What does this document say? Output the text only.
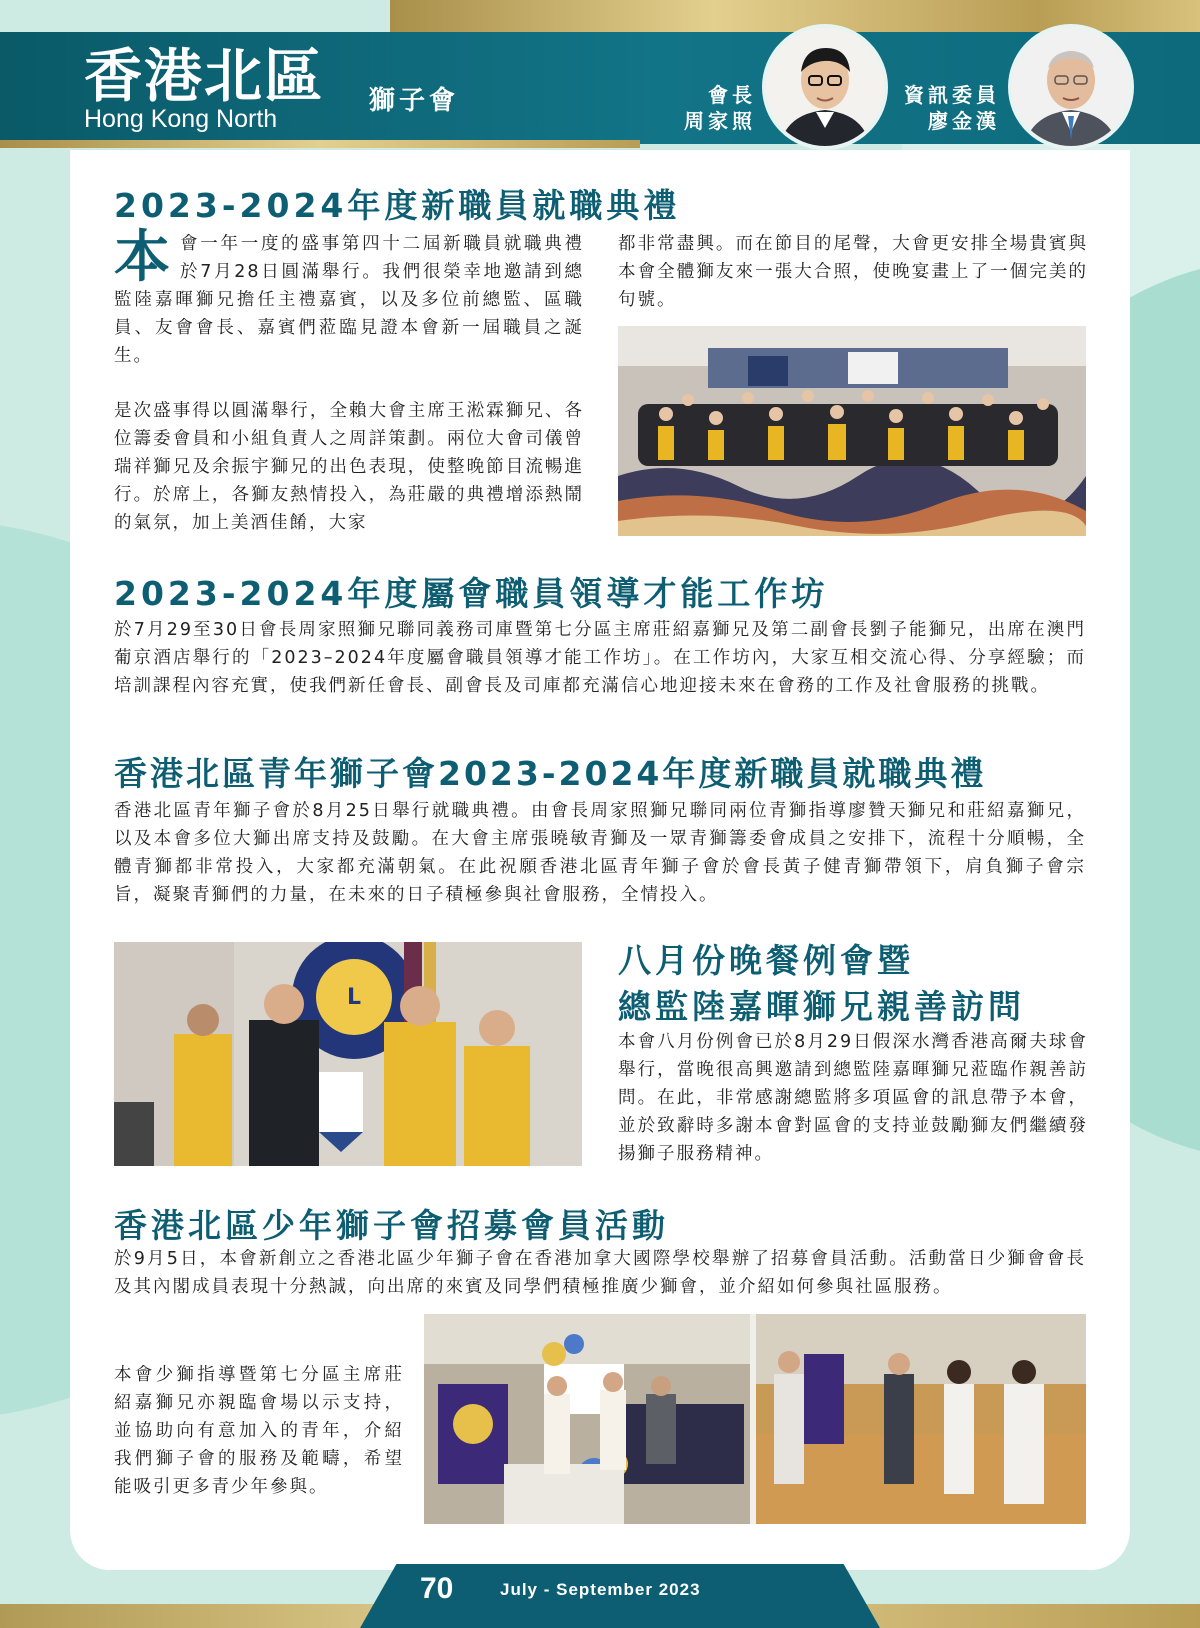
香港北區 獅子會
Hong Kong North
會長
周家照
資訊委員
廖金漢
2023-2024年度新職員就職典禮
本會一年一度的盛事第四十二屆新職員就職典禮於7月28日圓滿舉行。我們很榮幸地邀請到總監陸嘉暉獅兄擔任主禮嘉賓，以及多位前總監、區職員、友會會長、嘉賓們蒞臨見證本會新一屆職員之誕生。
是次盛事得以圓滿舉行，全賴大會主席王淞霖獅兄、各位籌委會員和小組負責人之周詳策劃。兩位大會司儀曾瑞祥獅兄及余振宇獅兄的出色表現，使整晚節目流暢進行。於席上，各獅友熱情投入，為莊嚴的典禮增添熱鬧的氣氛，加上美酒佳餚，大家
都非常盡興。而在節目的尾聲，大會更安排全場貴賓與本會全體獅友來一張大合照，使晚宴畫上了一個完美的句號。
2023-2024年度屬會職員領導才能工作坊
於7月29至30日會長周家照獅兄聯同義務司庫暨第七分區主席莊紹嘉獅兄及第二副會長劉子能獅兄，出席在澳門葡京酒店舉行的「2023–2024年度屬會職員領導才能工作坊」。在工作坊內，大家互相交流心得、分享經驗；而培訓課程內容充實，使我們新任會長、副會長及司庫都充滿信心地迎接未來在會務的工作及社會服務的挑戰。
香港北區青年獅子會2023-2024年度新職員就職典禮
香港北區青年獅子會於8月25日舉行就職典禮。由會長周家照獅兄聯同兩位青獅指導廖贊天獅兄和莊紹嘉獅兄，以及本會多位大獅出席支持及鼓勵。在大會主席張曉敏青獅及一眾青獅籌委會成員之安排下，流程十分順暢，全體青獅都非常投入，大家都充滿朝氣。在此祝願香港北區青年獅子會於會長黃子健青獅帶領下，肩負獅子會宗旨，凝聚青獅們的力量，在未來的日子積極參與社會服務，全情投入。
L
八月份晚餐例會暨
總監陸嘉暉獅兄親善訪問
本會八月份例會已於8月29日假深水灣香港高爾夫球會舉行，當晚很高興邀請到總監陸嘉暉獅兄蒞臨作親善訪問。在此，非常感謝總監將多項區會的訊息帶予本會，並於致辭時多謝本會對區會的支持並鼓勵獅友們繼續發揚獅子服務精神。
香港北區少年獅子會招募會員活動
於9月5日，本會新創立之香港北區少年獅子會在香港加拿大國際學校舉辦了招募會員活動。活動當日少獅會會長及其內閣成員表現十分熱誠，向出席的來賓及同學們積極推廣少獅會，並介紹如何參與社區服務。
本會少獅指導暨第七分區主席莊紹嘉獅兄亦親臨會場以示支持，並協助向有意加入的青年，介紹我們獅子會的服務及範疇，希望能吸引更多青少年參與。
70	July - September 2023
